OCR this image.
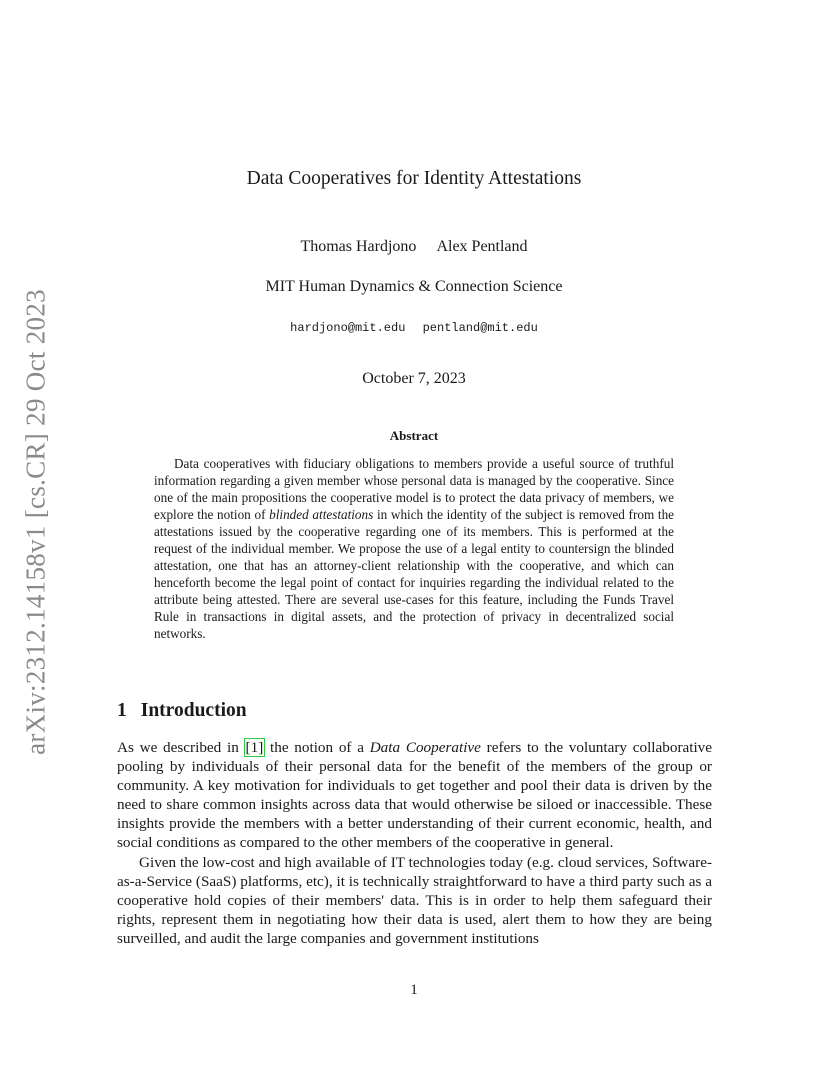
arXiv:2312.14158v1 [cs.CR] 29 Oct 2023
Data Cooperatives for Identity Attestations
Thomas Hardjono Alex Pentland
MIT Human Dynamics & Connection Science
hardjono@mit.edu pentland@mit.edu
October 7, 2023
Abstract

Data cooperatives with fiduciary obligations to members provide a useful source of truthful information regarding a given member whose personal data is managed by the cooperative. Since one of the main propositions the cooperative model is to protect the data privacy of members, we explore the notion of blinded attestations in which the identity of the subject is removed from the attestations issued by the cooperative regarding one of its members. This is performed at the request of the individual member. We propose the use of a legal entity to countersign the blinded attestation, one that has an attorney-client relationship with the cooperative, and which can henceforth become the legal point of contact for inquiries regarding the individual related to the attribute being attested. There are several use-cases for this feature, including the Funds Travel Rule in transactions in digital assets, and the protection of privacy in decentralized social networks.

1 Introduction

As we described in [1] the notion of a Data Cooperative refers to the voluntary collaborative pooling by individuals of their personal data for the benefit of the members of the group or community. A key motivation for individuals to get together and pool their data is driven by the need to share common insights across data that would otherwise be siloed or inaccessible. These insights provide the members with a better understanding of their current economic, health, and social conditions as compared to the other members of the cooperative in general.

Given the low-cost and high available of IT technologies today (e.g. cloud services, Software-as-a-Service (SaaS) platforms, etc), it is technically straightforward to have a third party such as a cooperative hold copies of their members' data. This is in order to help them safeguard their rights, represent them in negotiating how their data is used, alert them to how they are being surveilled, and audit the large companies and government institutions

1
